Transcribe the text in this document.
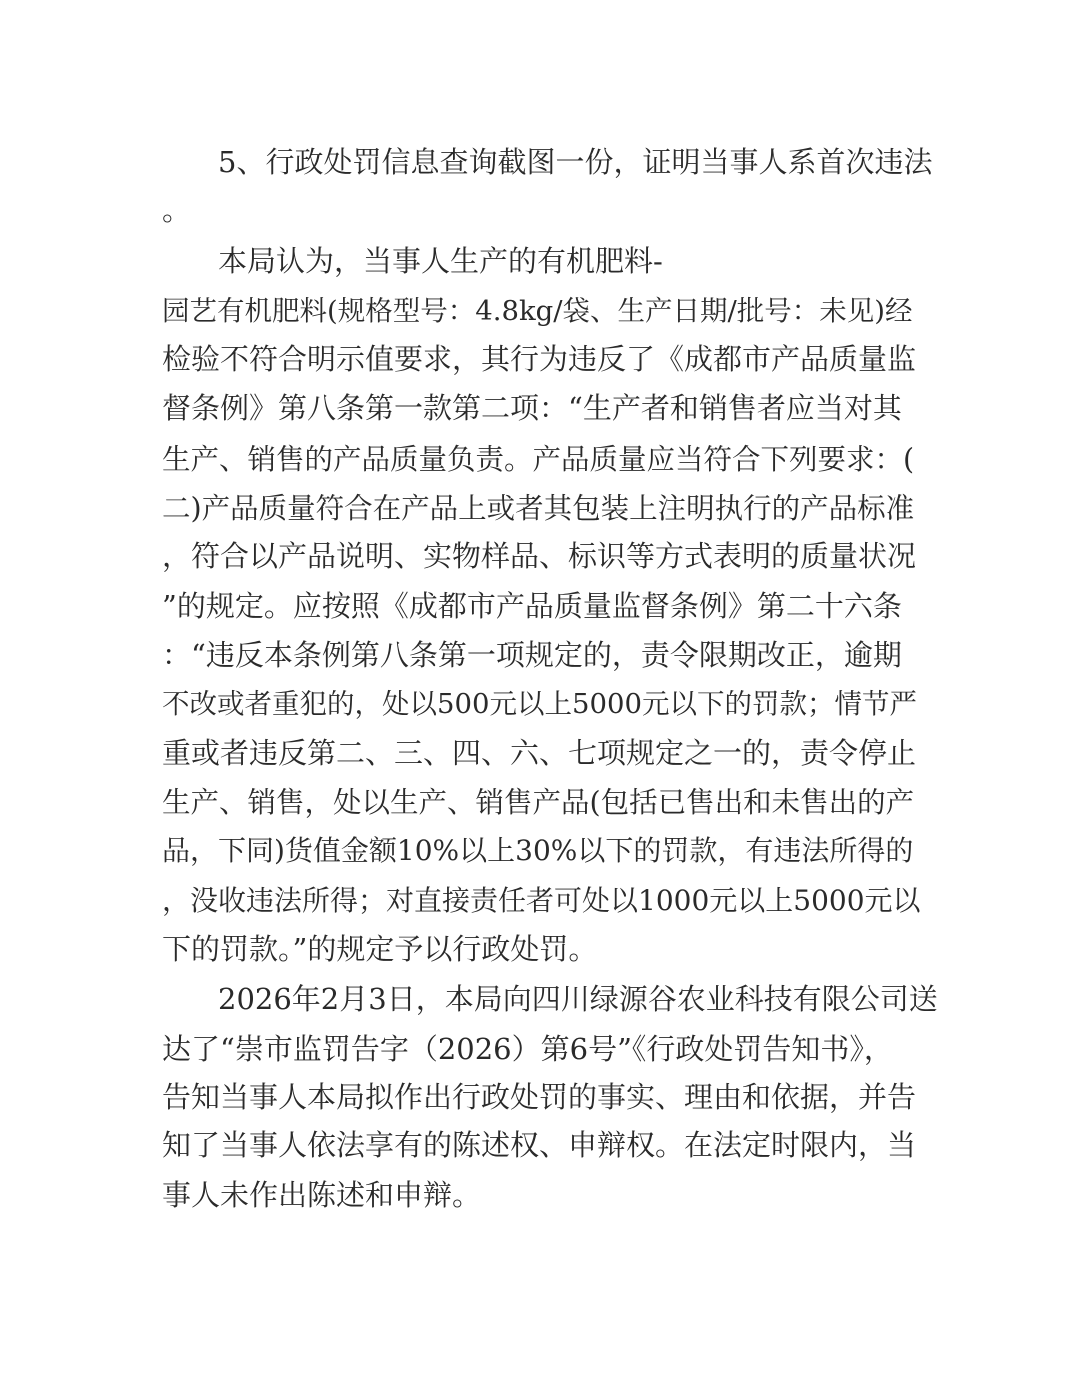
5、行政处罚信息查询截图一份，证明当事人系首次违法
。
本局认为，当事人生产的有机肥料-
园艺有机肥料(规格型号：4.8kg/袋、生产日期/批号：未见)经
检验不符合明示值要求，其行为违反了《成都市产品质量监
督条例》第八条第一款第二项：“生产者和销售者应当对其
生产、销售的产品质量负责。产品质量应当符合下列要求：(
二)产品质量符合在产品上或者其包装上注明执行的产品标准
，符合以产品说明、实物样品、标识等方式表明的质量状况
”的规定。应按照《成都市产品质量监督条例》第二十六条
：“违反本条例第八条第一项规定的，责令限期改正，逾期
不改或者重犯的，处以500元以上5000元以下的罚款；情节严
重或者违反第二、三、四、六、七项规定之一的，责令停止
生产、销售，处以生产、销售产品(包括已售出和未售出的产
品，下同)货值金额10%以上30%以下的罚款，有违法所得的
，没收违法所得；对直接责任者可处以1000元以上5000元以
下的罚款。”的规定予以行政处罚。
2026年2月3日，本局向四川绿源谷农业科技有限公司送
达了“崇市监罚告字（2026）第6号”《行政处罚告知书》，
告知当事人本局拟作出行政处罚的事实、理由和依据，并告
知了当事人依法享有的陈述权、申辩权。在法定时限内，当
事人未作出陈述和申辩。
